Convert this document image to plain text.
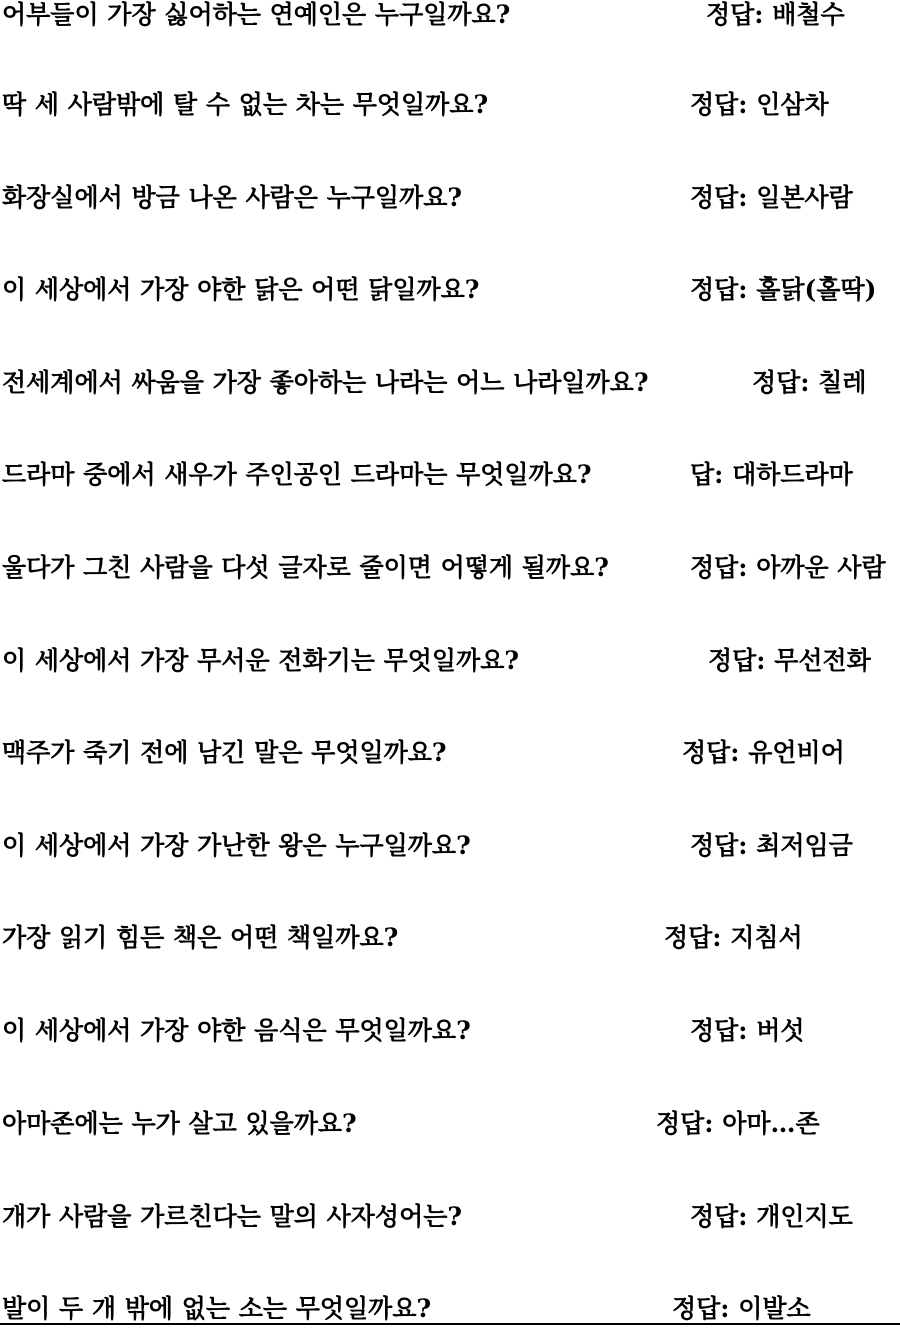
어부들이 가장 싫어하는 연예인은 누구일까요?	정답: 배철수
딱 세 사람밖에 탈 수 없는 차는 무엇일까요?	정답: 인삼차
화장실에서 방금 나온 사람은 누구일까요?	정답: 일본사람
이 세상에서 가장 야한 닭은 어떤 닭일까요?	정답: 홀닭(홀딱)
전세계에서 싸움을 가장 좋아하는 나라는 어느 나라일까요?	정답: 칠레
드라마 중에서 새우가 주인공인 드라마는 무엇일까요?	답: 대하드라마
울다가 그친 사람을 다섯 글자로 줄이면 어떻게 될까요?	정답: 아까운 사람
이 세상에서 가장 무서운 전화기는 무엇일까요?	정답: 무선전화
맥주가 죽기 전에 남긴 말은 무엇일까요?	정답: 유언비어
이 세상에서 가장 가난한 왕은 누구일까요?	정답: 최저임금
가장 읽기 힘든 책은 어떤 책일까요?	정답: 지침서
이 세상에서 가장 야한 음식은 무엇일까요?	정답: 버섯
아마존에는 누가 살고 있을까요?	정답: 아마…존
개가 사람을 가르친다는 말의 사자성어는?	정답: 개인지도
발이 두 개 밖에 없는 소는 무엇일까요?	정답: 이발소
